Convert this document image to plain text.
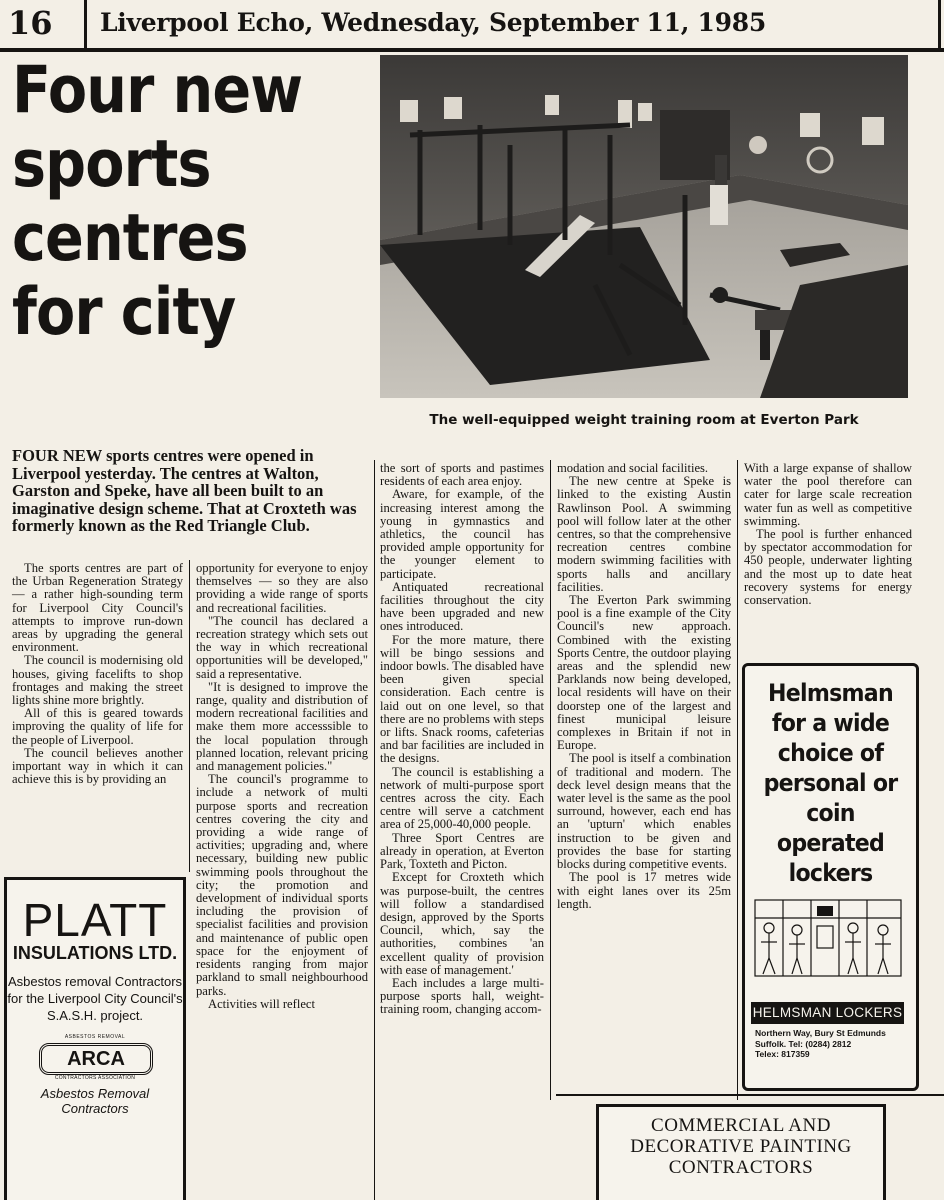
16 Liverpool Echo, Wednesday, September 11, 1985
Four new sports centres for city
The well-equipped weight training room at Everton Park
FOUR NEW sports centres were opened in Liverpool yesterday. The centres at Walton, Garston and Speke, have all been built to an imaginative design scheme. That at Croxteth was formerly known as the Red Triangle Club.

The sports centres are part of the Urban Regeneration Strategy — a rather high-sounding term for Liverpool City Council's attempts to improve run-down areas by upgrading the general environment.

The council is modernising old houses, giving facelifts to shop frontages and making the street lights shine more brightly.

All of this is geared towards improving the quality of life for the people of Liverpool.

The council believes another important way in which it can achieve this is by providing an

opportunity for everyone to enjoy themselves — so they are also providing a wide range of sports and recreational facilities.

"The council has declared a recreation strategy which sets out the way in which recreational opportunities will be developed," said a representative.

"It is designed to improve the range, quality and distribution of modern recreational facilities and make them more accesssible to the local population through planned location, relevant pricing and management policies."

The council's programme to include a network of multi purpose sports and recreation centres covering the city and providing a wide range of activities; upgrading and, where necessary, building new public swimming pools throughout the city; the promotion and development of individual sports including the provision of specialist facilities and provision and maintenance of public open space for the enjoyment of residents ranging from major parkland to small neighbourhood parks.

Activities will reflect

the sort of sports and pastimes residents of each area enjoy.

Aware, for example, of the increasing interest among the young in gymnastics and athletics, the council has provided ample opportunity for the younger element to participate.

Antiquated recreational facilities throughout the city have been upgraded and new ones introduced.

For the more mature, there will be bingo sessions and indoor bowls. The disabled have been given special consideration. Each centre is laid out on one level, so that there are no problems with steps or lifts. Snack rooms, cafeterias and bar facilities are included in the designs.

The council is establishing a network of multi-purpose sport centres across the city. Each centre will serve a catchment area of 25,000-40,000 people.

Three Sport Centres are already in operation, at Everton Park, Toxteth and Picton.

Except for Croxteth which was purpose-built, the centres will follow a standardised design, approved by the Sports Council, which, say the authorities, combines 'an excellent quality of provision with ease of management.'

Each includes a large multi-purpose sports hall, weight-training room, changing accom-

modation and social facilities.

The new centre at Speke is linked to the existing Austin Rawlinson Pool. A swimming pool will follow later at the other centres, so that the comprehensive recreation centres combine modern swimming facilities with sports halls and ancillary facilities.

The Everton Park swimming pool is a fine example of the City Council's new approach. Combined with the existing Sports Centre, the outdoor playing areas and the splendid new Parklands now being developed, local residents will have on their doorstep one of the largest and finest municipal leisure complexes in Britain if not in Europe.

The pool is itself a combination of traditional and modern. The deck level design means that the water level is the same as the pool surround, however, each end has an 'upturn' which enables instruction to be given and provides the base for starting blocks during competitive events.

The pool is 17 metres wide with eight lanes over its 25m length.

With a large expanse of shallow water the pool therefore can cater for large scale recreation water fun as well as competitive swimming.

The pool is further enhanced by spectator accommodation for 450 people, underwater lighting and the most up to date heat recovery systems for energy conservation.

PLATT
INSULATIONS LTD.
Asbestos removal Contractors for the Liverpool City Council's S.A.S.H. project.
ASBESTOS REMOVAL
ARCA
CONTRACTORS ASSOCIATION
Asbestos Removal Contractors
Helmsman for a wide choice of personal or coin operated lockers
HELMSMAN LOCKERS
Northern Way, Bury St Edmunds
Suffolk. Tel: (0284) 2812
Telex: 817359
COMMERCIAL AND DECORATIVE PAINTING CONTRACTORS
